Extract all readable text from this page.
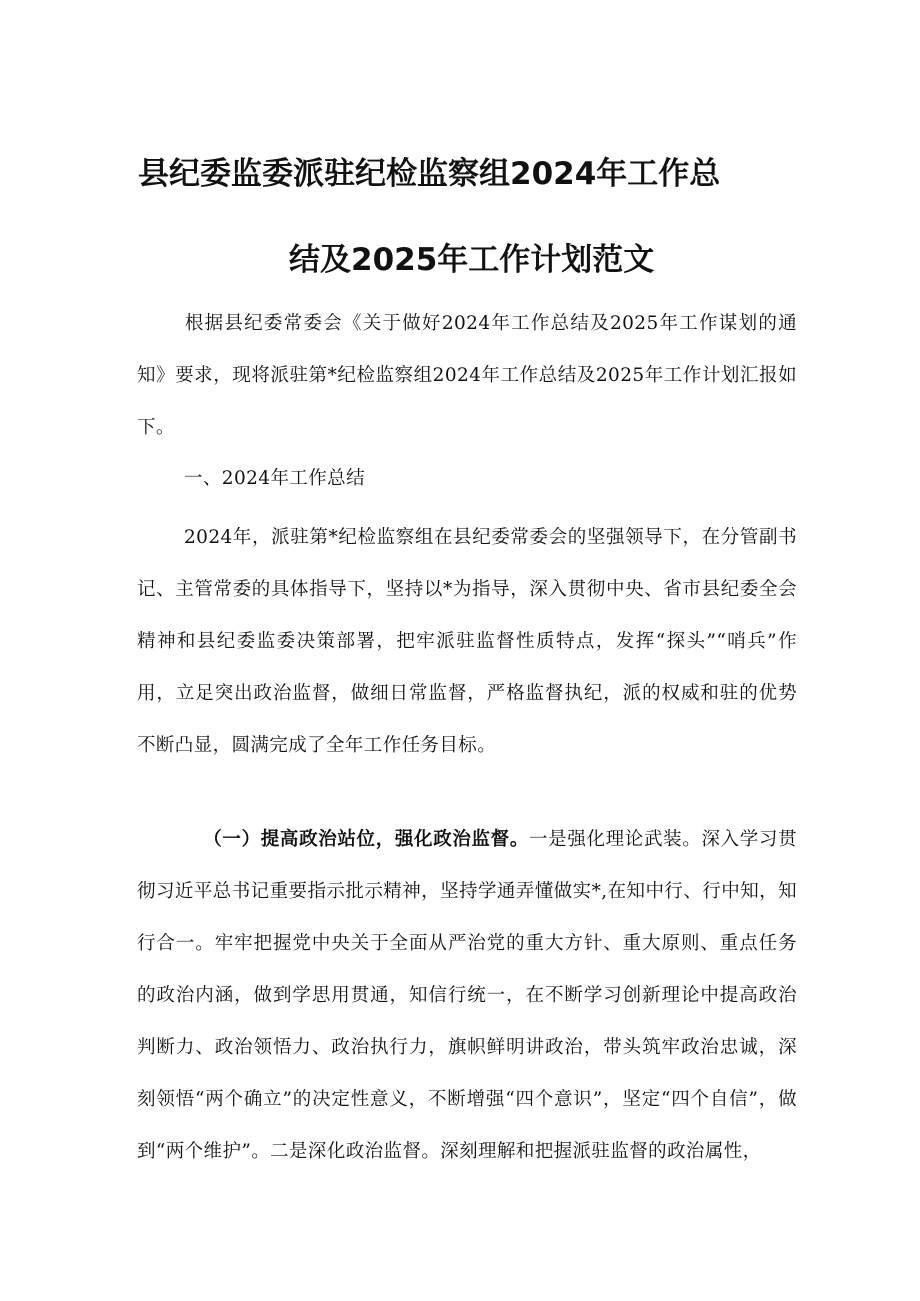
县纪委监委派驻纪检监察组2024年工作总
结及2025年工作计划范文

根据县纪委常委会《关于做好2024年工作总结及2025年工作谋划的通知》要求，现将派驻第*纪检监察组2024年工作总结及2025年工作计划汇报如下。

一、2024年工作总结

2024年，派驻第*纪检监察组在县纪委常委会的坚强领导下，在分管副书记、主管常委的具体指导下，坚持以*为指导，深入贯彻中央、省市县纪委全会精神和县纪委监委决策部署，把牢派驻监督性质特点，发挥“探头”“哨兵”作用，立足突出政治监督，做细日常监督，严格监督执纪，派的权威和驻的优势不断凸显，圆满完成了全年工作任务目标。

（一）提高政治站位，强化政治监督。一是强化理论武装。深入学习贯彻习近平总书记重要指示批示精神，坚持学通弄懂做实*,在知中行、行中知，知行合一。牢牢把握党中央关于全面从严治党的重大方针、重大原则、重点任务的政治内涵，做到学思用贯通，知信行统一，在不断学习创新理论中提高政治判断力、政治领悟力、政治执行力，旗帜鲜明讲政治，带头筑牢政治忠诚，深刻领悟“两个确立”的决定性意义，不断增强“四个意识”，坚定“四个自信”，做到“两个维护”。二是深化政治监督。深刻理解和把握派驻监督的政治属性，
